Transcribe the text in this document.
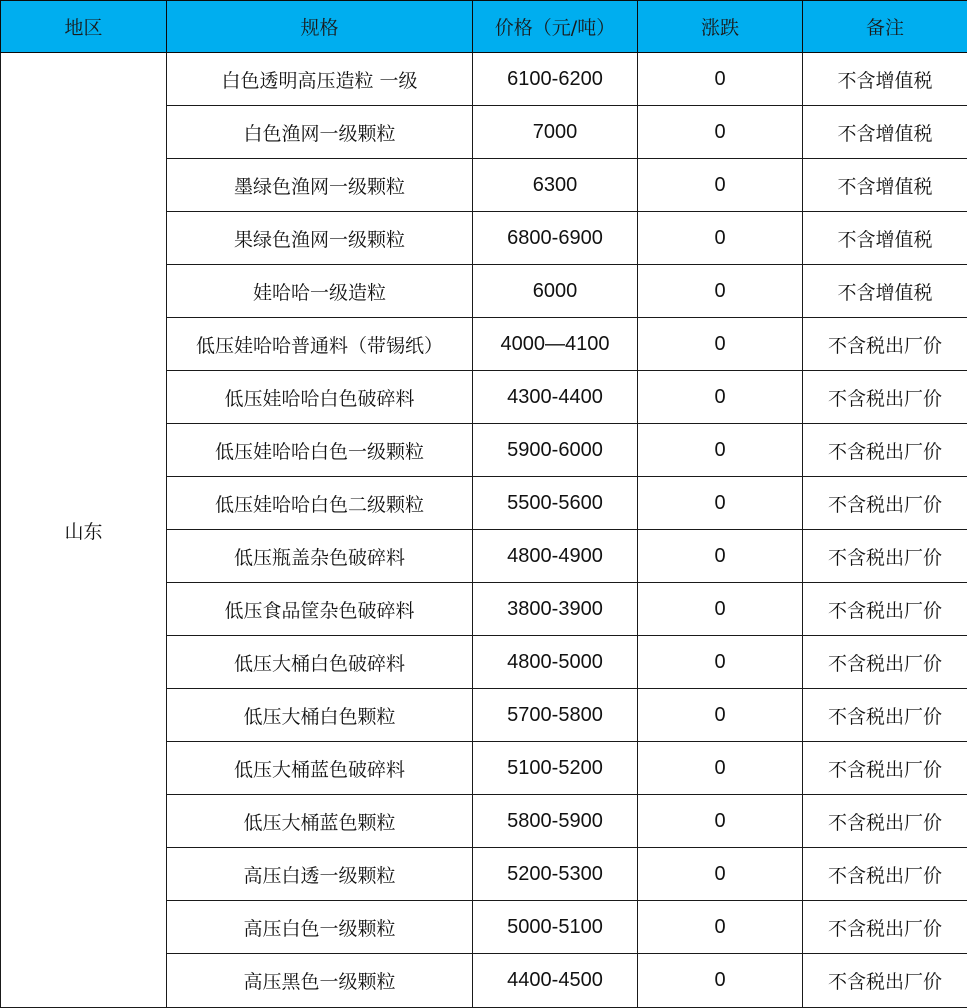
地区	规格	价格（元/吨）	涨跌	备注
山东	白色透明高压造粒 一级	6100-6200	0	不含增值税
	白色渔网一级颗粒	7000	0	不含增值税
	墨绿色渔网一级颗粒	6300	0	不含增值税
	果绿色渔网一级颗粒	6800-6900	0	不含增值税
	娃哈哈一级造粒	6000	0	不含增值税
	低压娃哈哈普通料（带锡纸）	4000—4100	0	不含税出厂价
	低压娃哈哈白色破碎料	4300-4400	0	不含税出厂价
	低压娃哈哈白色一级颗粒	5900-6000	0	不含税出厂价
	低压娃哈哈白色二级颗粒	5500-5600	0	不含税出厂价
	低压瓶盖杂色破碎料	4800-4900	0	不含税出厂价
	低压食品筐杂色破碎料	3800-3900	0	不含税出厂价
	低压大桶白色破碎料	4800-5000	0	不含税出厂价
	低压大桶白色颗粒	5700-5800	0	不含税出厂价
	低压大桶蓝色破碎料	5100-5200	0	不含税出厂价
	低压大桶蓝色颗粒	5800-5900	0	不含税出厂价
	高压白透一级颗粒	5200-5300	0	不含税出厂价
	高压白色一级颗粒	5000-5100	0	不含税出厂价
	高压黑色一级颗粒	4400-4500	0	不含税出厂价
